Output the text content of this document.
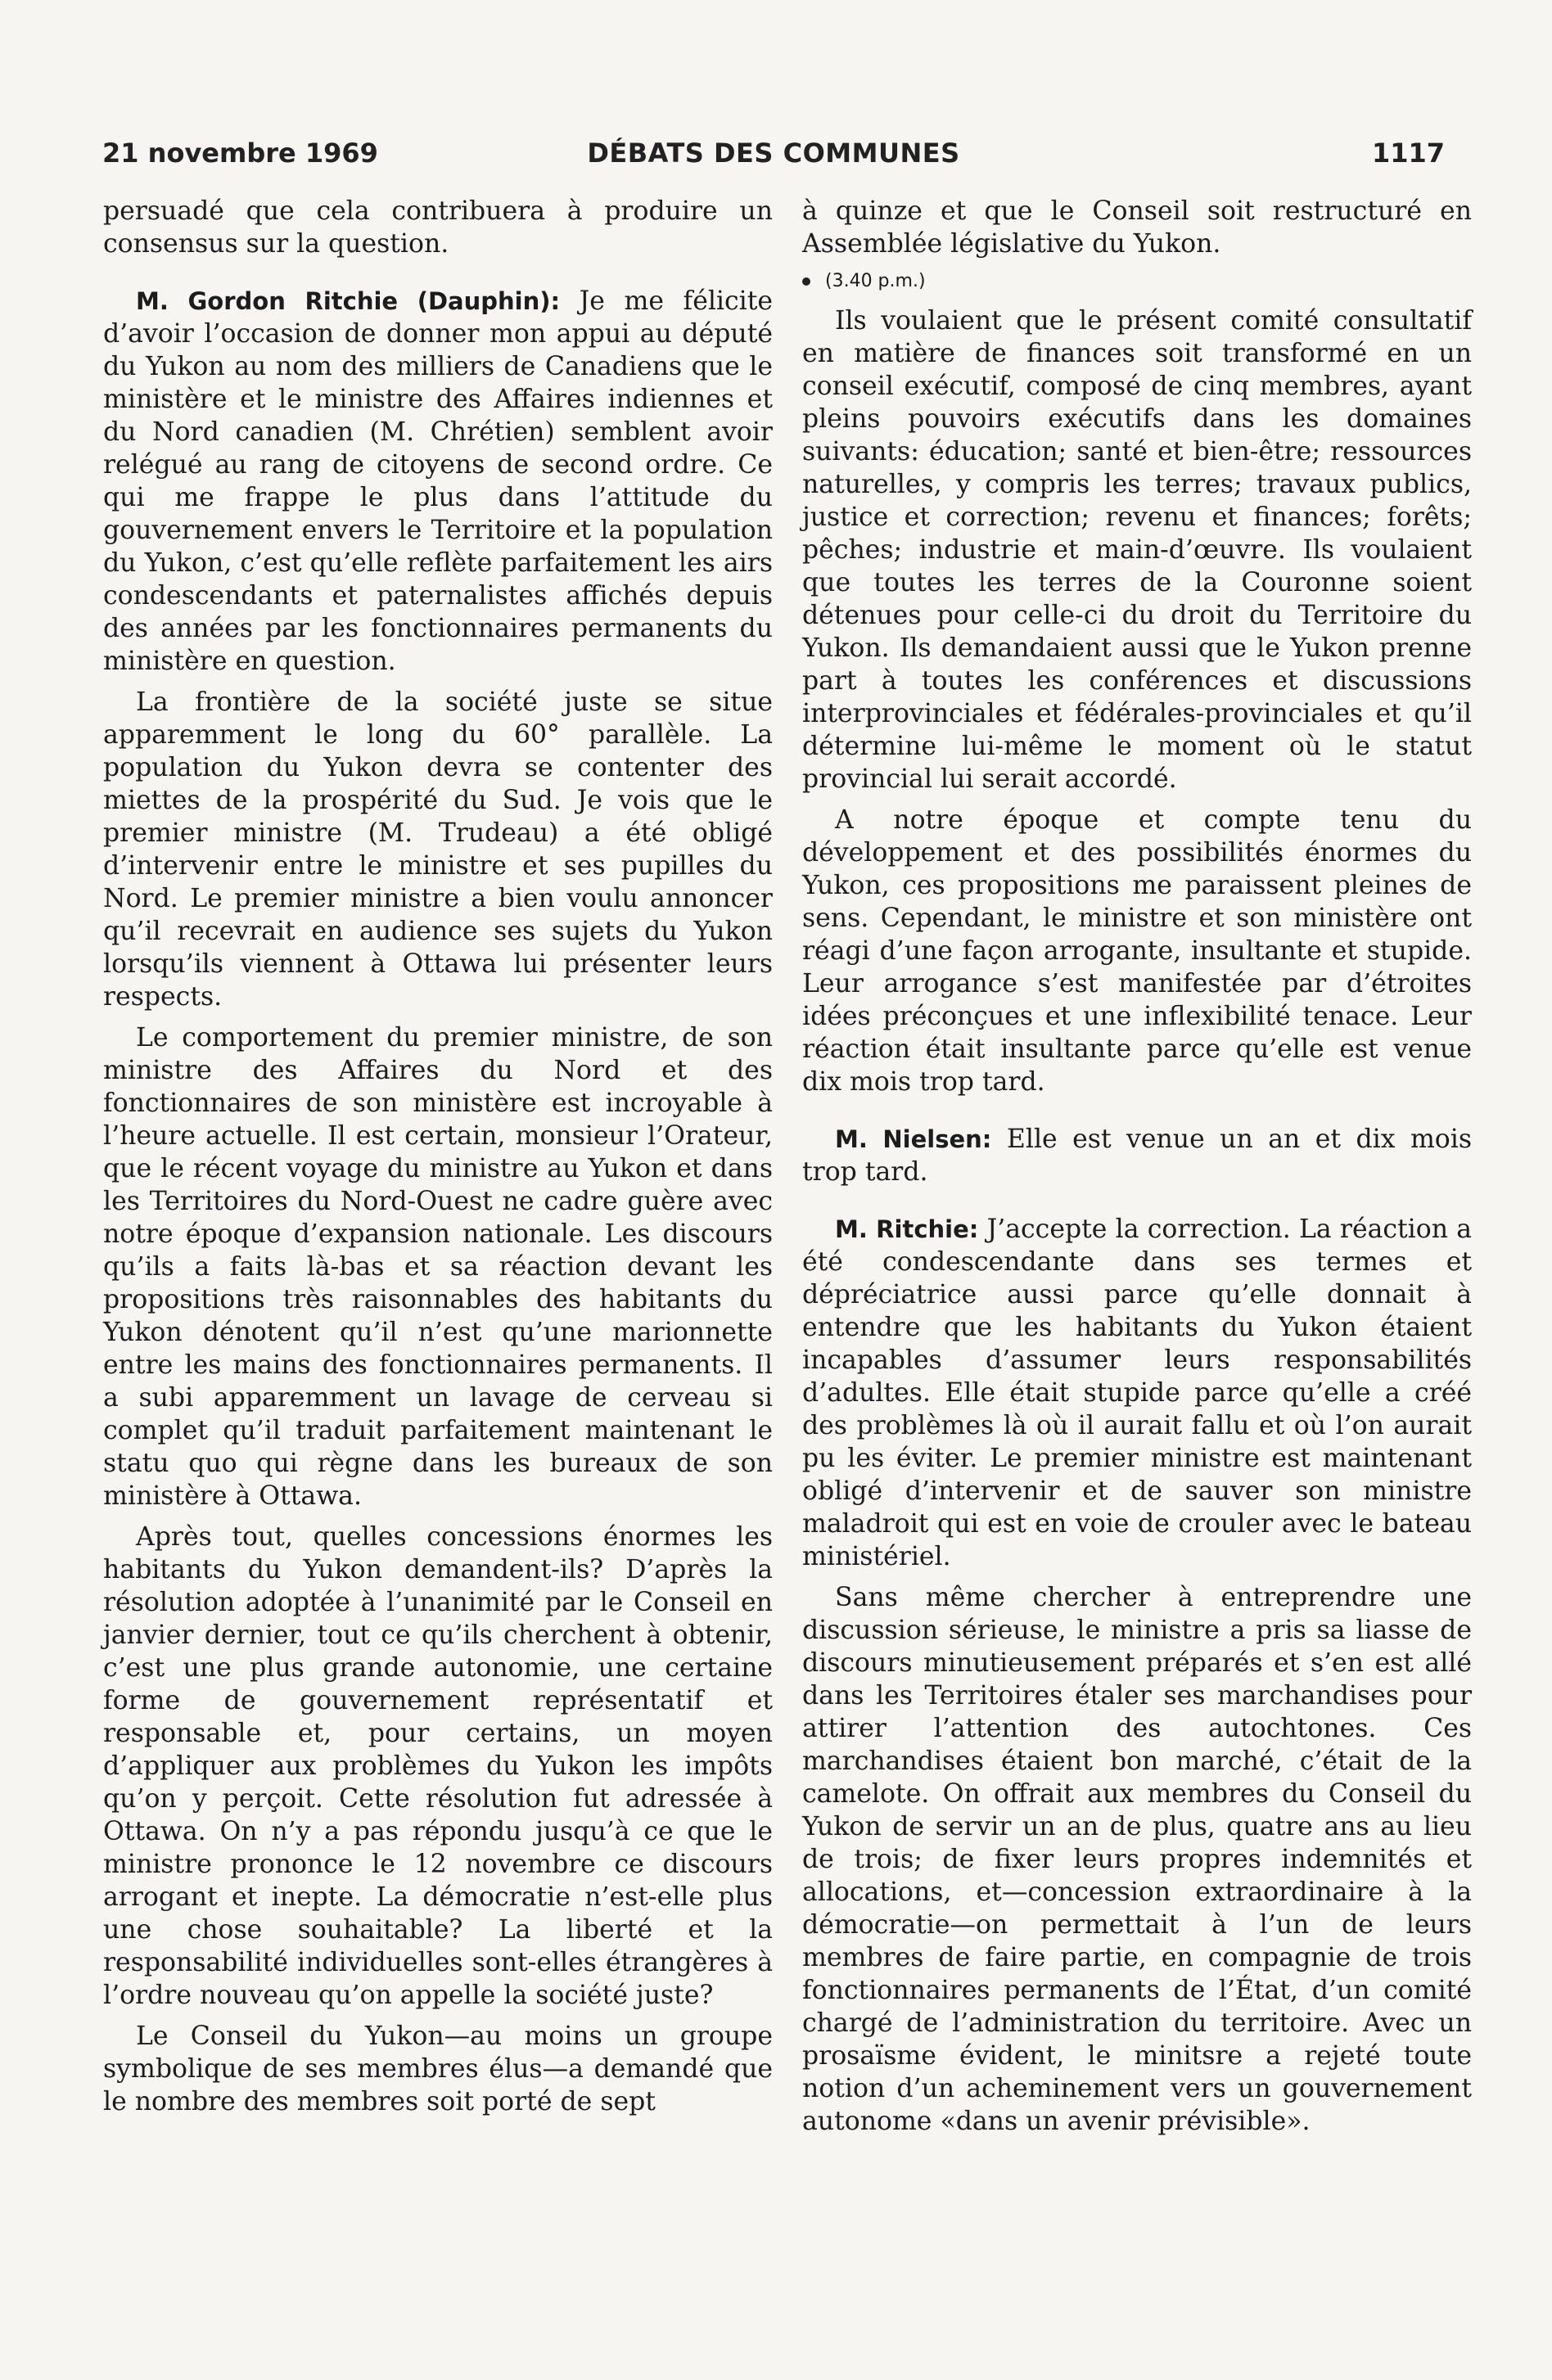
21 novembre 1969	DÉBATS DES COMMUNES	1117

persuadé que cela contribuera à produire un consensus sur la question.

M. Gordon Ritchie (Dauphin): Je me félicite d’avoir l’occasion de donner mon appui au député du Yukon au nom des milliers de Canadiens que le ministère et le ministre des Affaires indiennes et du Nord canadien (M. Chrétien) semblent avoir relégué au rang de citoyens de second ordre. Ce qui me frappe le plus dans l’attitude du gouvernement envers le Territoire et la population du Yukon, c’est qu’elle reflète parfaitement les airs condescendants et paternalistes affichés depuis des années par les fonctionnaires permanents du ministère en question.

La frontière de la société juste se situe apparemment le long du 60° parallèle. La population du Yukon devra se contenter des miettes de la prospérité du Sud. Je vois que le premier ministre (M. Trudeau) a été obligé d’intervenir entre le ministre et ses pupilles du Nord. Le premier ministre a bien voulu annoncer qu’il recevrait en audience ses sujets du Yukon lorsqu’ils viennent à Ottawa lui présenter leurs respects.

Le comportement du premier ministre, de son ministre des Affaires du Nord et des fonctionnaires de son ministère est incroyable à l’heure actuelle. Il est certain, monsieur l’Orateur, que le récent voyage du ministre au Yukon et dans les Territoires du Nord-Ouest ne cadre guère avec notre époque d’expansion nationale. Les discours qu’ils a faits là-bas et sa réaction devant les propositions très raisonnables des habitants du Yukon dénotent qu’il n’est qu’une marionnette entre les mains des fonctionnaires permanents. Il a subi apparemment un lavage de cerveau si complet qu’il traduit parfaitement maintenant le statu quo qui règne dans les bureaux de son ministère à Ottawa.

Après tout, quelles concessions énormes les habitants du Yukon demandent-ils? D’après la résolution adoptée à l’unanimité par le Conseil en janvier dernier, tout ce qu’ils cherchent à obtenir, c’est une plus grande autonomie, une certaine forme de gouvernement représentatif et responsable et, pour certains, un moyen d’appliquer aux problèmes du Yukon les impôts qu’on y perçoit. Cette résolution fut adressée à Ottawa. On n’y a pas répondu jusqu’à ce que le ministre prononce le 12 novembre ce discours arrogant et inepte. La démocratie n’est-elle plus une chose souhaitable? La liberté et la responsabilité individuelles sont-elles étrangères à l’ordre nouveau qu’on appelle la société juste?

Le Conseil du Yukon—au moins un groupe symbolique de ses membres élus—a demandé que le nombre des membres soit porté de sept

à quinze et que le Conseil soit restructuré en Assemblée législative du Yukon.

(3.40 p.m.)

Ils voulaient que le présent comité consultatif en matière de finances soit transformé en un conseil exécutif, composé de cinq membres, ayant pleins pouvoirs exécutifs dans les domaines suivants: éducation; santé et bien-être; ressources naturelles, y compris les terres; travaux publics, justice et correction; revenu et finances; forêts; pêches; industrie et main-d’œuvre. Ils voulaient que toutes les terres de la Couronne soient détenues pour celle-ci du droit du Territoire du Yukon. Ils demandaient aussi que le Yukon prenne part à toutes les conférences et discussions interprovinciales et fédérales-provinciales et qu’il détermine lui-même le moment où le statut provincial lui serait accordé.

A notre époque et compte tenu du développement et des possibilités énormes du Yukon, ces propositions me paraissent pleines de sens. Cependant, le ministre et son ministère ont réagi d’une façon arrogante, insultante et stupide. Leur arrogance s’est manifestée par d’étroites idées préconçues et une inflexibilité tenace. Leur réaction était insultante parce qu’elle est venue dix mois trop tard.

M. Nielsen: Elle est venue un an et dix mois trop tard.

M. Ritchie: J’accepte la correction. La réaction a été condescendante dans ses termes et dépréciatrice aussi parce qu’elle donnait à entendre que les habitants du Yukon étaient incapables d’assumer leurs responsabilités d’adultes. Elle était stupide parce qu’elle a créé des problèmes là où il aurait fallu et où l’on aurait pu les éviter. Le premier ministre est maintenant obligé d’intervenir et de sauver son ministre maladroit qui est en voie de crouler avec le bateau ministériel.

Sans même chercher à entreprendre une discussion sérieuse, le ministre a pris sa liasse de discours minutieusement préparés et s’en est allé dans les Territoires étaler ses marchandises pour attirer l’attention des autochtones. Ces marchandises étaient bon marché, c’était de la camelote. On offrait aux membres du Conseil du Yukon de servir un an de plus, quatre ans au lieu de trois; de fixer leurs propres indemnités et allocations, et—concession extraordinaire à la démocratie—on permettait à l’un de leurs membres de faire partie, en compagnie de trois fonctionnaires permanents de l’État, d’un comité chargé de l’administration du territoire. Avec un prosaïsme évident, le minitsre a rejeté toute notion d’un acheminement vers un gouvernement autonome «dans un avenir prévisible».
